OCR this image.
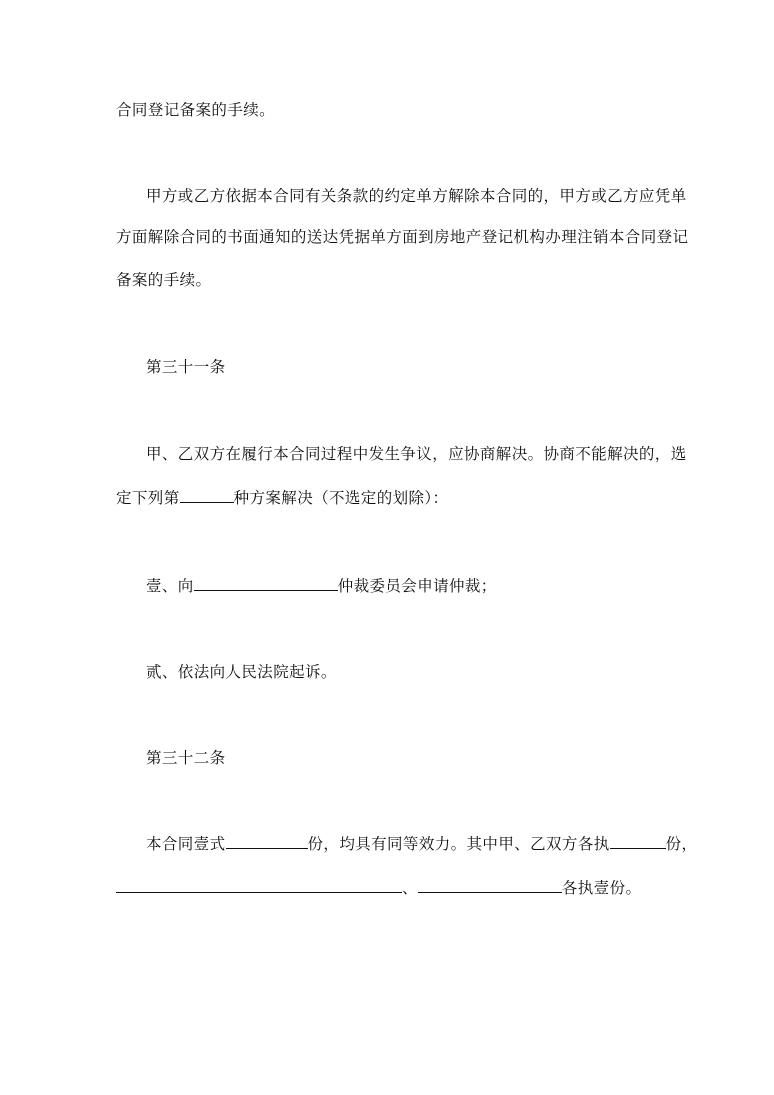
合同登记备案的手续。
甲方或乙方依据本合同有关条款的约定单方解除本合同的，甲方或乙方应凭单
方面解除合同的书面通知的送达凭据单方面到房地产登记机构办理注销本合同登记
备案的手续。
第三十一条
甲、乙双方在履行本合同过程中发生争议，应协商解决。协商不能解决的，选
定下列第	种方案解决（不选定的划除）：
壹、向	仲裁委员会申请仲裁；
贰、依法向人民法院起诉。
第三十二条
本合同壹式	份，均具有同等效力。其中甲、乙双方各执	份，
、	各执壹份。
